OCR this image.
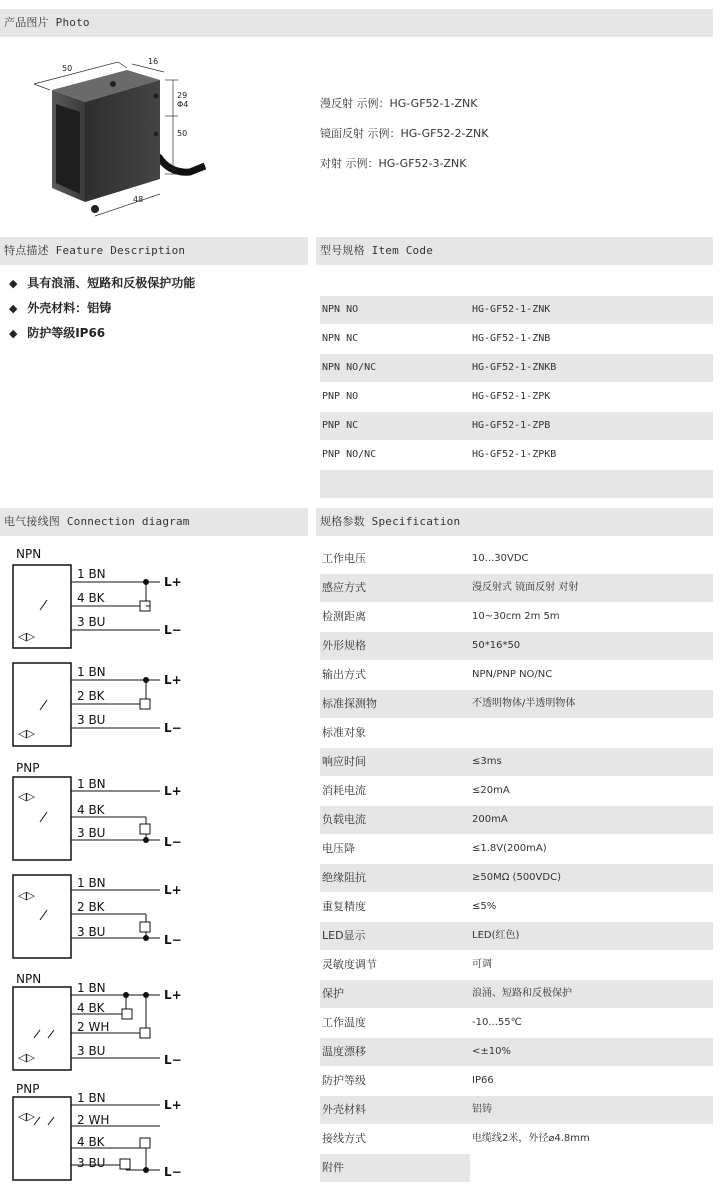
产品图片 Photo
特点描述 Feature Description	型号规格 Item Code
电气接线图 Connection diagram	规格参数 Specification
50
16
29
Φ4
50
48
漫反射 示例：HG-GF52-1-ZNK
镜面反射 示例：HG-GF52-2-ZNK
对射 示例：HG-GF52-3-ZNK
◆ 具有浪涌、短路和反极保护功能
◆ 外壳材料：铝铸
◆ 防护等级IP66
NPN NO	HG-GF52-1-ZNK
NPN NC	HG-GF52-1-ZNB
NPN NO/NC	HG-GF52-1-ZNKB
PNP NO	HG-GF52-1-ZPK
PNP NC	HG-GF52-1-ZPB
PNP NO/NC	HG-GF52-1-ZPKB
NPN
◁▷
1 BN
4 BK
3 BU
L+
L−
◁▷
1 BN
2 BK
3 BU
L+
L−
PNP
◁▷
1 BN
4 BK
3 BU
L+
L−
◁▷
1 BN
2 BK
3 BU
L+
L−
NPN
◁▷
1 BN
4 BK
2 WH
3 BU
L+
L−
PNP
◁▷
1 BN
2 WH
4 BK
3 BU
L+
L−
工作电压	10...30VDC
感应方式	漫反射式 镜面反射 对射
检测距离	10~30cm 2m 5m
外形规格	50*16*50
输出方式	NPN/PNP NO/NC
标准探测物	不透明物体/半透明物体
标准对象
响应时间	≤3ms
消耗电流	≤20mA
负载电流	200mA
电压降	≤1.8V(200mA)
绝缘阻抗	≥50MΩ (500VDC)
重复精度	≤5%
LED显示	LED(红色)
灵敏度调节	可调
保护	浪涌、短路和反极保护
工作温度	-10...55℃
温度漂移	<±10%
防护等级	IP66
外壳材料	铝铸
接线方式	电缆线2米，外径⌀4.8mm
附件
